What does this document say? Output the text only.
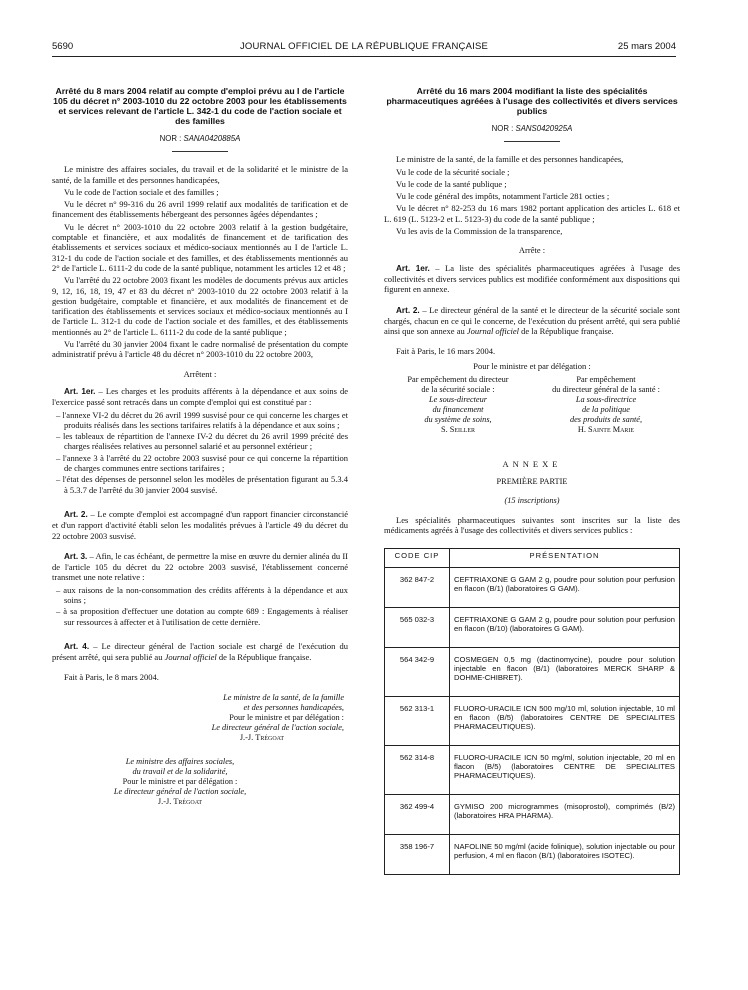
5690	JOURNAL OFFICIEL DE LA RÉPUBLIQUE FRANÇAISE	25 mars 2004
Arrêté du 8 mars 2004 relatif au compte d'emploi prévu au I de l'article 105 du décret n° 2003-1010 du 22 octobre 2003 pour les établissements et services relevant de l'article L. 342-1 du code de l'action sociale et des familles
NOR : SANA0420885A

Le ministre des affaires sociales, du travail et de la solidarité et le ministre de la santé, de la famille et des personnes handicapées,

Vu le code de l'action sociale et des familles ;

Vu le décret n° 99-316 du 26 avril 1999 relatif aux modalités de tarification et de financement des établissements hébergeant des personnes âgées dépendantes ;

Vu le décret n° 2003-1010 du 22 octobre 2003 relatif à la gestion budgétaire, comptable et financière, et aux modalités de financement et de tarification des établissements et services sociaux et médico-sociaux mentionnés au I de l'article L. 312-1 du code de l'action sociale et des familles, et des établissements mentionnés au 2° de l'article L. 6111-2 du code de la santé publique, notamment les articles 12 et 48 ;

Vu l'arrêté du 22 octobre 2003 fixant les modèles de documents prévus aux articles 9, 12, 16, 18, 19, 47 et 83 du décret n° 2003-1010 du 22 octobre 2003 relatif à la gestion budgétaire, comptable et financière, et aux modalités de financement et de tarification des établissements et services sociaux et médico-sociaux mentionnés au I de l'article L. 312-1 du code de l'action sociale et des familles, et des établissements mentionnés au 2° de l'article L. 6111-2 du code de la santé publique ;

Vu l'arrêté du 30 janvier 2004 fixant le cadre normalisé de présentation du compte administratif prévu à l'article 48 du décret n° 2003-1010 du 22 octobre 2003,

Arrêtent :

Art. 1er. – Les charges et les produits afférents à la dépendance et aux soins de l'exercice passé sont retracés dans un compte d'emploi qui est constitué par :

– l'annexe VI-2 du décret du 26 avril 1999 susvisé pour ce qui concerne les charges et produits réalisés dans les sections tarifaires relatifs à la dépendance et aux soins ;
– les tableaux de répartition de l'annexe IV-2 du décret du 26 avril 1999 précité des charges réalisées relatives au personnel salarié et au personnel extérieur ;
– l'annexe 3 à l'arrêté du 22 octobre 2003 susvisé pour ce qui concerne la répartition de charges communes entre sections tarifaires ;
– l'état des dépenses de personnel selon les modèles de présentation figurant au 5.3.4 à 5.3.7 de l'arrêté du 30 janvier 2004 susvisé.

Art. 2. – Le compte d'emploi est accompagné d'un rapport financier circonstancié et d'un rapport d'activité établi selon les modalités prévues à l'article 49 du décret du 22 octobre 2003 susvisé.

Art. 3. – Afin, le cas échéant, de permettre la mise en œuvre du dernier alinéa du II de l'article 105 du décret du 22 octobre 2003 susvisé, l'établissement concerné transmet une note relative :

– aux raisons de la non-consommation des crédits afférents à la dépendance et aux soins ;
– à sa proposition d'effectuer une dotation au compte 689 : Engagements à réaliser sur ressources à affecter et à l'utilisation de cette dernière.

Art. 4. – Le directeur général de l'action sociale est chargé de l'exécution du présent arrêté, qui sera publié au Journal officiel de la République française.

Fait à Paris, le 8 mars 2004.

Le ministre de la santé, de la famille
et des personnes handicapées,
Pour le ministre et par délégation :
Le directeur général de l'action sociale,
J.-J. Trégoat
Le ministre des affaires sociales,
du travail et de la solidarité,
Pour le ministre et par délégation :
Le directeur général de l'action sociale,
J.-J. Trégoat
Arrêté du 16 mars 2004 modifiant la liste des spécialités pharmaceutiques agréées à l'usage des collectivités et divers services publics
NOR : SANS0420925A

Le ministre de la santé, de la famille et des personnes handicapées,

Vu le code de la sécurité sociale ;

Vu le code de la santé publique ;

Vu le code général des impôts, notamment l'article 281 octies ;

Vu le décret n° 82-253 du 16 mars 1982 portant application des articles L. 618 et L. 619 (L. 5123-2 et L. 5123-3) du code de la santé publique ;

Vu les avis de la Commission de la transparence,

Arrête :

Art. 1er. – La liste des spécialités pharmaceutiques agréées à l'usage des collectivités et divers services publics est modifiée conformément aux dispositions qui figurent en annexe.

Art. 2. – Le directeur général de la santé et le directeur de la sécurité sociale sont chargés, chacun en ce qui le concerne, de l'exécution du présent arrêté, qui sera publié ainsi que son annexe au Journal officiel de la République française.

Fait à Paris, le 16 mars 2004.

Pour le ministre et par délégation :

Par empêchement du directeur
de la sécurité sociale :
Le sous-directeur
du financement
du système de soins,
S. Seiller
Par empêchement
du directeur général de la santé :
La sous-directrice
de la politique
des produits de santé,
H. Sainte Marie
ANNEXE
PREMIÈRE PARTIE
(15 inscriptions)

Les spécialités pharmaceutiques suivantes sont inscrites sur la liste des médicaments agréés à l'usage des collectivités et divers services publics :

CODE CIP	PRÉSENTATION
362 847-2	CEFTRIAXONE G GAM 2 g, poudre pour solution pour perfusion en flacon (B/1) (laboratoires G GAM).
565 032-3	CEFTRIAXONE G GAM 2 g, poudre pour solution pour perfusion en flacon (B/10) (laboratoires G GAM).
564 342-9	COSMEGEN 0,5 mg (dactinomycine), poudre pour solution injectable en flacon (B/1) (laboratoires MERCK SHARP & DOHME-CHIBRET).
562 313-1	FLUORO-URACILE ICN 500 mg/10 ml, solution injectable, 10 ml en flacon (B/5) (laboratoires CENTRE DE SPECIALITES PHARMACEUTIQUES).
562 314-8	FLUORO-URACILE ICN 50 mg/ml, solution injectable, 20 ml en flacon (B/5) (laboratoires CENTRE DE SPECIALITES PHARMACEUTIQUES).
362 499-4	GYMISO 200 microgrammes (misoprostol), comprimés (B/2) (laboratoires HRA PHARMA).
358 196-7	NAFOLINE 50 mg/ml (acide folinique), solution injectable ou pour perfusion, 4 ml en flacon (B/1) (laboratoires ISOTEC).
